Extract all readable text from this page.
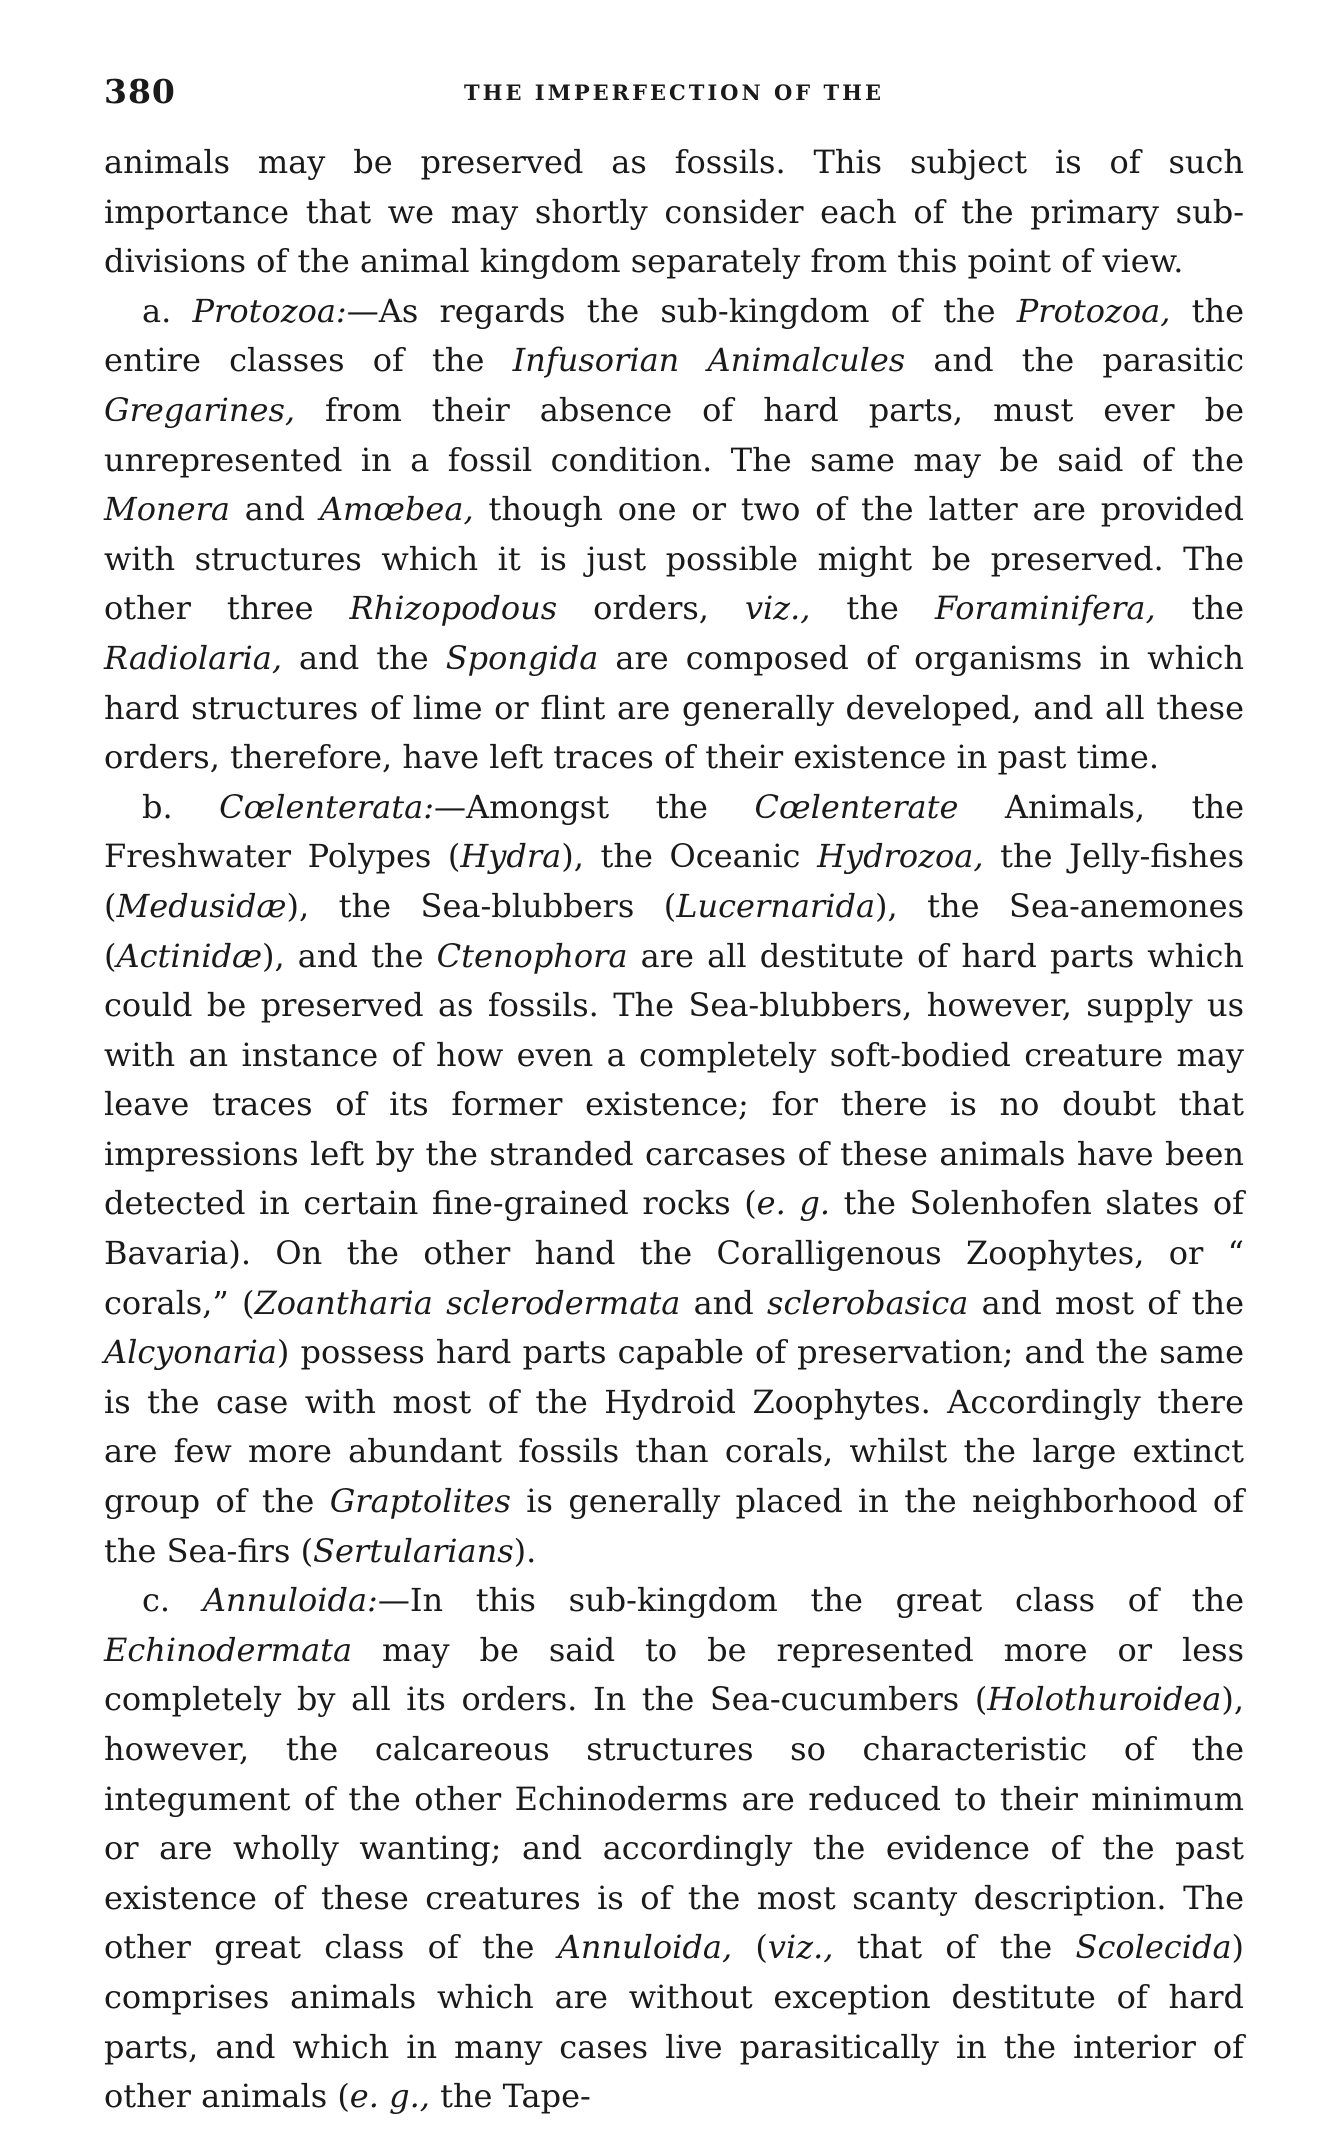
380	THE IMPERFECTION OF THE

animals may be preserved as fossils. This subject is of such importance that we may shortly consider each of the primary sub-divisions of the animal kingdom separately from this point of view.

a. Protozoa:—As regards the sub-kingdom of the Protozoa, the entire classes of the Infusorian Animalcules and the parasitic Gregarines, from their absence of hard parts, must ever be unrepresented in a fossil condition. The same may be said of the Monera and Amœbea, though one or two of the latter are provided with structures which it is just possible might be preserved. The other three Rhizopodous orders, viz., the Foraminifera, the Radiolaria, and the Spongida are composed of organisms in which hard structures of lime or flint are generally developed, and all these orders, therefore, have left traces of their existence in past time.

b. Cœlenterata:—Amongst the Cœlenterate Animals, the Freshwater Polypes (Hydra), the Oceanic Hydrozoa, the Jelly-fishes (Medusidæ), the Sea-blubbers (Lucernarida), the Sea-anemones (Actinidæ), and the Ctenophora are all destitute of hard parts which could be preserved as fossils. The Sea-blubbers, however, supply us with an instance of how even a completely soft-bodied creature may leave traces of its former existence; for there is no doubt that impressions left by the stranded carcases of these animals have been detected in certain fine-grained rocks (e. g. the Solenhofen slates of Bavaria). On the other hand the Coralligenous Zoophytes, or “ corals,” (Zoantharia sclerodermata and sclerobasica and most of the Alcyonaria) possess hard parts capable of preservation; and the same is the case with most of the Hydroid Zoophytes. Accordingly there are few more abundant fossils than corals, whilst the large extinct group of the Graptolites is generally placed in the neighborhood of the Sea-firs (Sertularians).

c. Annuloida:—In this sub-kingdom the great class of the Echinodermata may be said to be represented more or less completely by all its orders. In the Sea-cucumbers (Holothuroidea), however, the calcareous structures so characteristic of the integument of the other Echinoderms are reduced to their minimum or are wholly wanting; and accordingly the evidence of the past existence of these creatures is of the most scanty description. The other great class of the Annuloida, (viz., that of the Scolecida) comprises animals which are without exception destitute of hard parts, and which in many cases live parasitically in the interior of other animals (e. g., the Tape-
